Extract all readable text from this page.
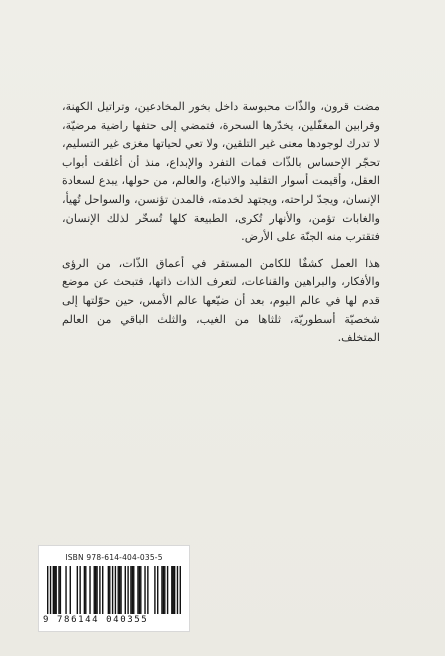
مضت قرون، والذّات محبوسة داخل بخور المخادعين، وتراتيل الكهنة، وقرابين المغفّلين، يخدّرها السحرة، فتمضي إلى حتفها راضية مرضيّة، لا تدرك لوجودها معنى غير التلقين، ولا تعي لحياتها مغزى غير التسليم، تحجّر الإحساس بالذّات فمات التفرد والإبداع، منذ أن أغلقت أبواب العقل، وأقيمت أسوار التقليد والاتباع، والعالم، من حولها، يبدع لسعادة الإنسان، ويجدّ لراحته، ويجتهد لخدمته، فالمدن تؤنسن، والسواحل تُهيأ، والغابات تؤمن، والأنهار تُكرى، الطبيعة كلها تُسخّر لذلك الإنسان، فتقترب منه الجنّة على الأرض.

هذا العمل كشفٌا للكامن المستقر في أعماق الذّات، من الرؤى والأفكار، والبراهين والقناعات، لتعرف الذات ذاتها، فتبحث عن موضع قدم لها في عالم اليوم، بعد أن ضيّعها عالم الأمس، حين حوّلتها إلى شخصيّة أسطوريّة، ثلثاها من الغيب، والثلث الباقي من العالم المتخلف.

ISBN 978-614-404-035-5
9 786144 040355
